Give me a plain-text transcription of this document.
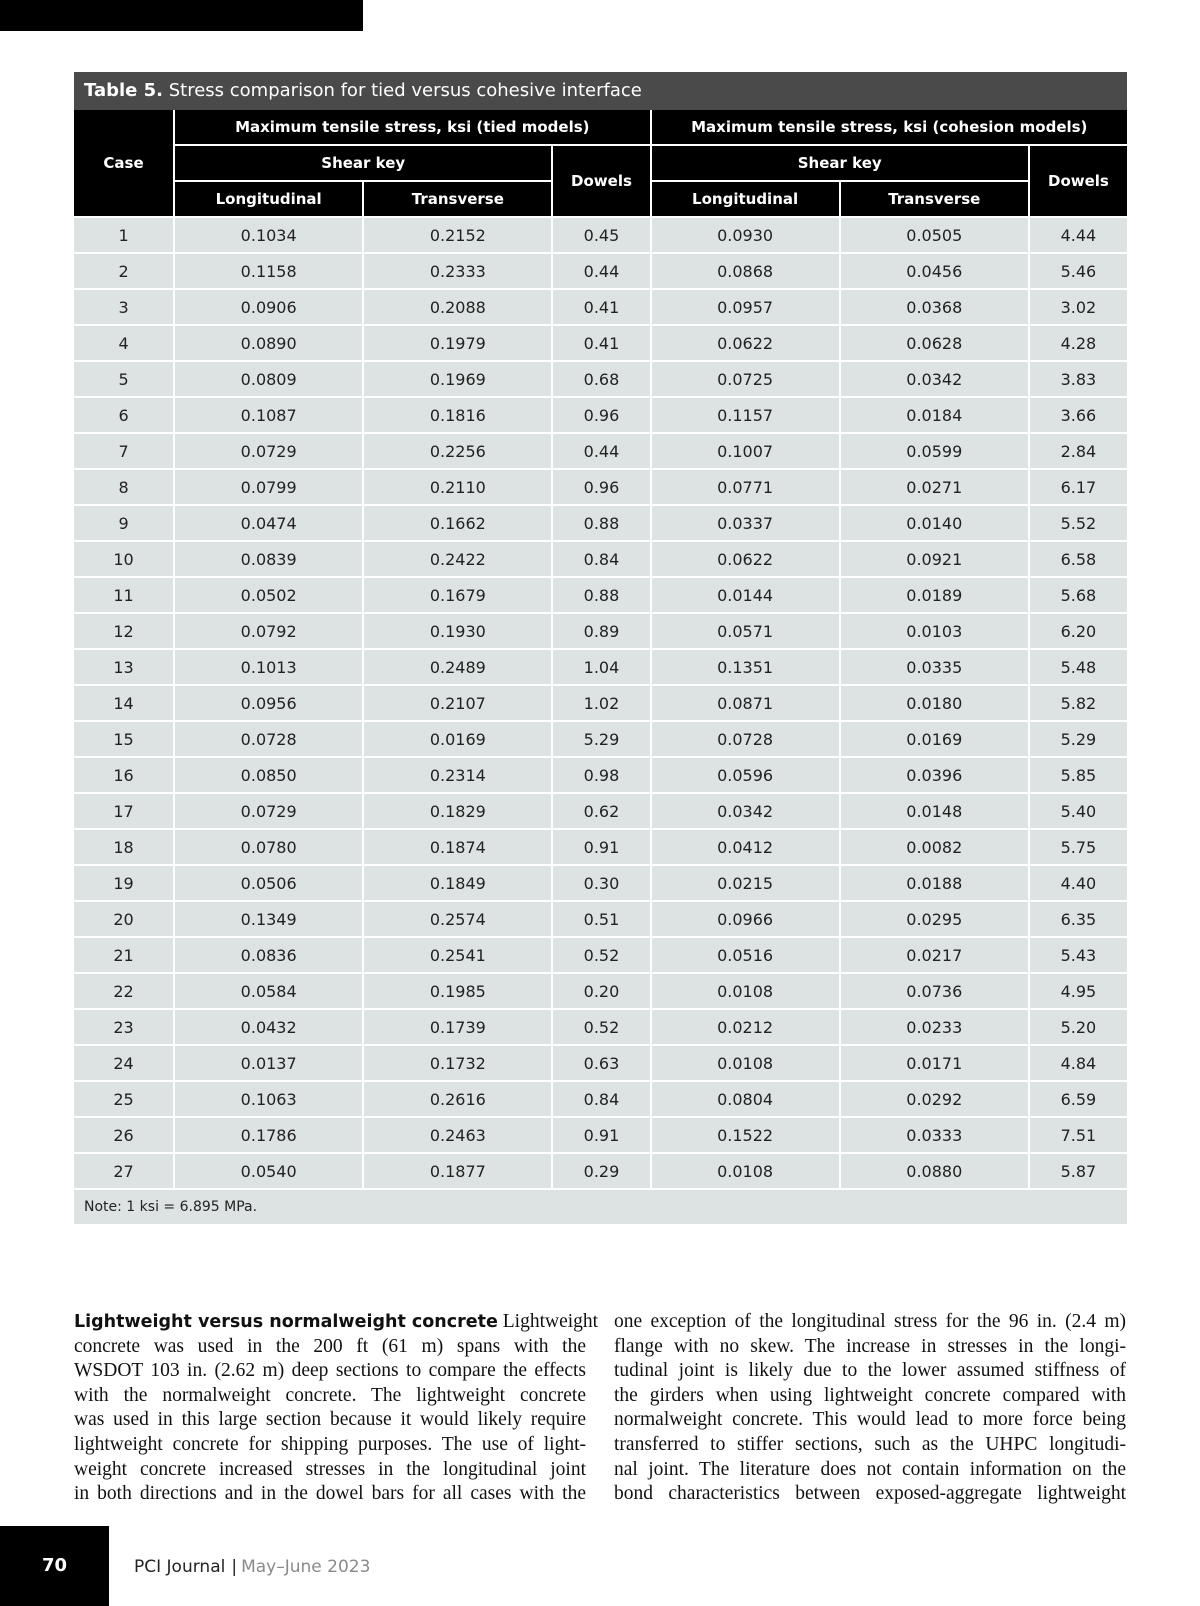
Table 5. Stress comparison for tied versus cohesive interface
Case	Maximum tensile stress, ksi (tied models)			Maximum tensile stress, ksi (cohesion models)		
	Shear key		Dowels	Shear key		Dowels
	Longitudinal	Transverse		Longitudinal	Transverse	
1	0.1034	0.2152	0.45	0.0930	0.0505	4.44
2	0.1158	0.2333	0.44	0.0868	0.0456	5.46
3	0.0906	0.2088	0.41	0.0957	0.0368	3.02
4	0.0890	0.1979	0.41	0.0622	0.0628	4.28
5	0.0809	0.1969	0.68	0.0725	0.0342	3.83
6	0.1087	0.1816	0.96	0.1157	0.0184	3.66
7	0.0729	0.2256	0.44	0.1007	0.0599	2.84
8	0.0799	0.2110	0.96	0.0771	0.0271	6.17
9	0.0474	0.1662	0.88	0.0337	0.0140	5.52
10	0.0839	0.2422	0.84	0.0622	0.0921	6.58
11	0.0502	0.1679	0.88	0.0144	0.0189	5.68
12	0.0792	0.1930	0.89	0.0571	0.0103	6.20
13	0.1013	0.2489	1.04	0.1351	0.0335	5.48
14	0.0956	0.2107	1.02	0.0871	0.0180	5.82
15	0.0728	0.0169	5.29	0.0728	0.0169	5.29
16	0.0850	0.2314	0.98	0.0596	0.0396	5.85
17	0.0729	0.1829	0.62	0.0342	0.0148	5.40
18	0.0780	0.1874	0.91	0.0412	0.0082	5.75
19	0.0506	0.1849	0.30	0.0215	0.0188	4.40
20	0.1349	0.2574	0.51	0.0966	0.0295	6.35
21	0.0836	0.2541	0.52	0.0516	0.0217	5.43
22	0.0584	0.1985	0.20	0.0108	0.0736	4.95
23	0.0432	0.1739	0.52	0.0212	0.0233	5.20
24	0.0137	0.1732	0.63	0.0108	0.0171	4.84
25	0.1063	0.2616	0.84	0.0804	0.0292	6.59
26	0.1786	0.2463	0.91	0.1522	0.0333	7.51
27	0.0540	0.1877	0.29	0.0108	0.0880	5.87
Note: 1 ksi = 6.895 MPa.
Lightweight versus normalweight concrete Lightweight
concrete was used in the 200 ft (61 m) spans with the
WSDOT 103 in. (2.62 m) deep sections to compare the effects
with the normalweight concrete. The lightweight concrete
was used in this large section because it would likely require
lightweight concrete for shipping purposes. The use of light-
weight concrete increased stresses in the longitudinal joint
in both directions and in the dowel bars for all cases with the
one exception of the longitudinal stress for the 96 in. (2.4 m)
flange with no skew. The increase in stresses in the longi-
tudinal joint is likely due to the lower assumed stiffness of
the girders when using lightweight concrete compared with
normalweight concrete. This would lead to more force being
transferred to stiffer sections, such as the UHPC longitudi-
nal joint. The literature does not contain information on the
bond characteristics between exposed-aggregate lightweight
70	PCI Journal | May–June 2023
